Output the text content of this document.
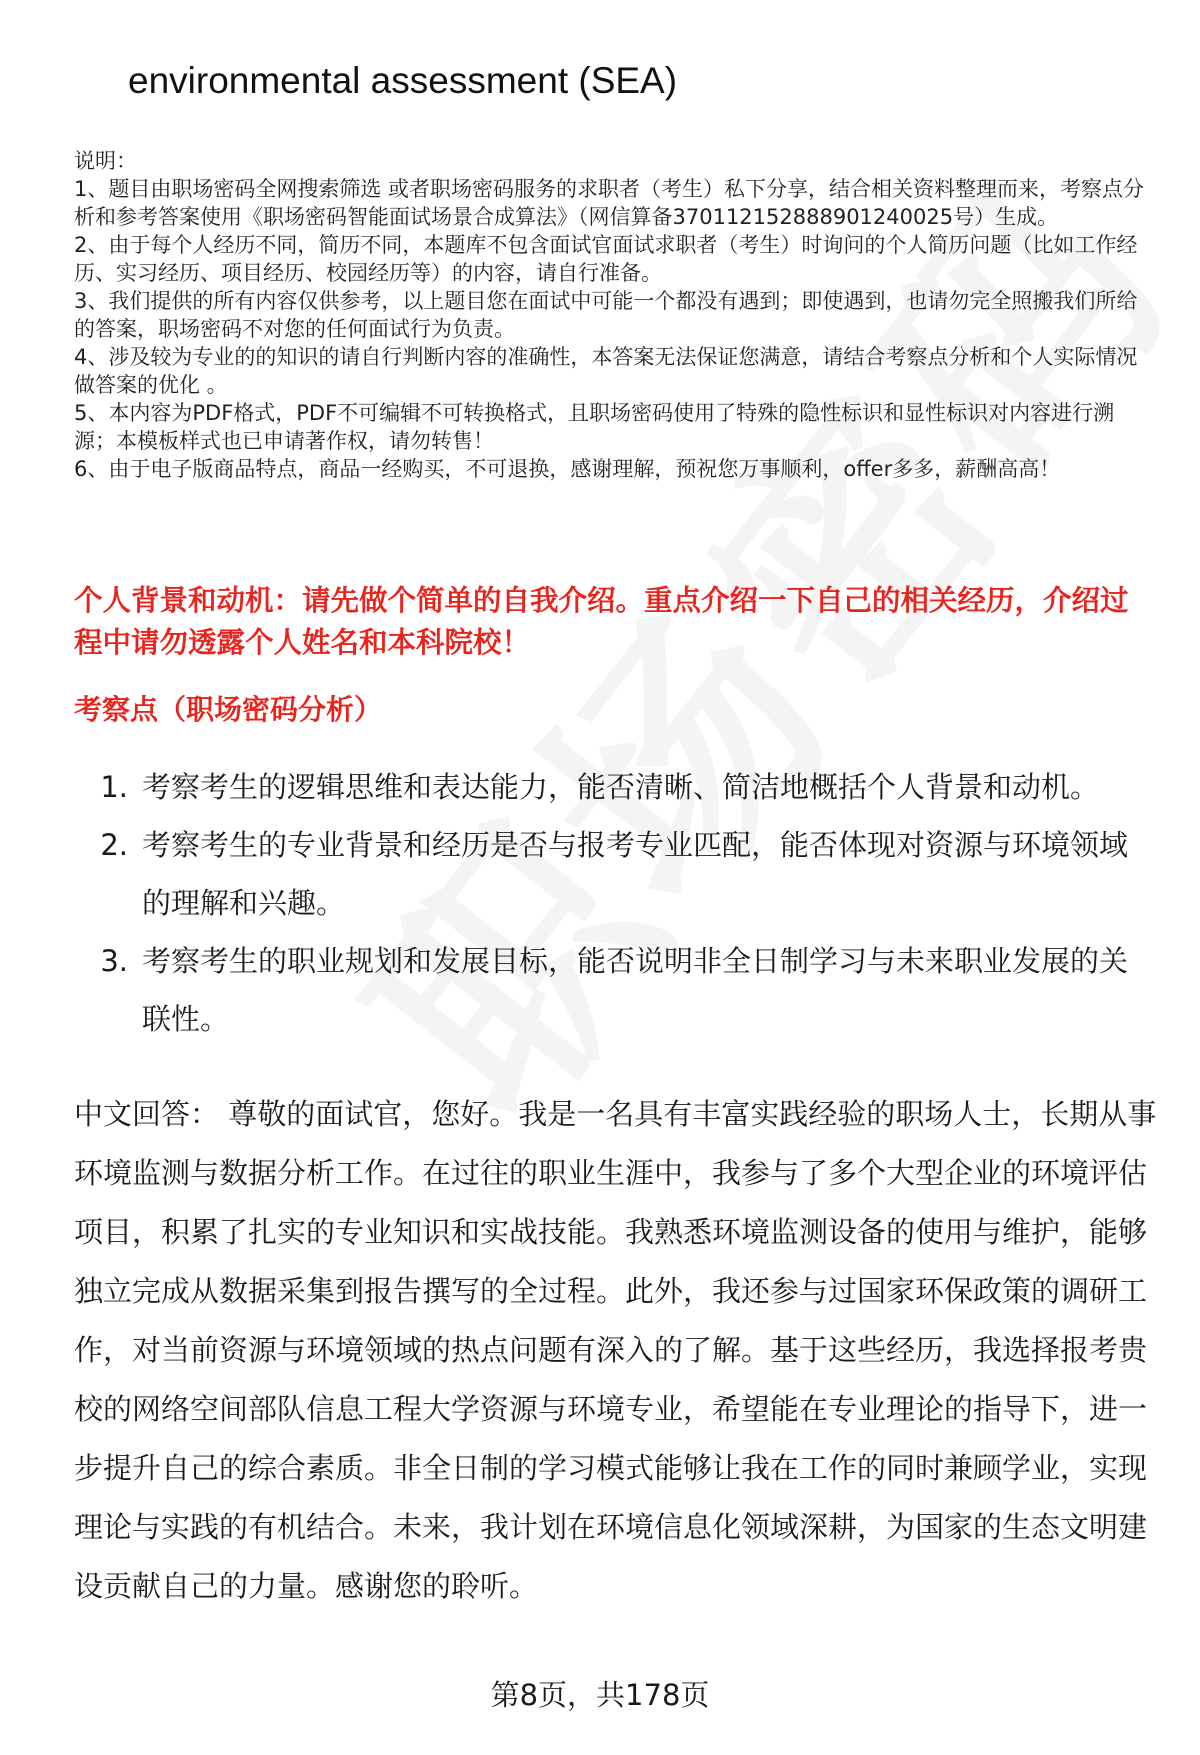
environmental assessment (SEA)

说明：

1、题目由职场密码全网搜索筛选 或者职场密码服务的求职者（考生）私下分享，结合相关资料整理而来，考察点分析和参考答案使用《职场密码智能面试场景合成算法》（网信算备370112152888901240025号）生成。

2、由于每个人经历不同，简历不同，本题库不包含面试官面试求职者（考生）时询问的个人简历问题（比如工作经历、实习经历、项目经历、校园经历等）的内容，请自行准备。

3、我们提供的所有内容仅供参考，以上题目您在面试中可能一个都没有遇到；即使遇到，也请勿完全照搬我们所给的答案，职场密码不对您的任何面试行为负责。

4、涉及较为专业的的知识的请自行判断内容的准确性，本答案无法保证您满意，请结合考察点分析和个人实际情况做答案的优化 。

5、本内容为PDF格式，PDF不可编辑不可转换格式，且职场密码使用了特殊的隐性标识和显性标识对内容进行溯源；本模板样式也已申请著作权，请勿转售！

6、由于电子版商品特点，商品一经购买，不可退换，感谢理解，预祝您万事顺利，offer多多，薪酬高高！

个人背景和动机：请先做个简单的自我介绍。重点介绍一下自己的相关经历，介绍过程中请勿透露个人姓名和本科院校！
考察点（职场密码分析）
1. 考察考生的逻辑思维和表达能力，能否清晰、简洁地概括个人背景和动机。
2. 考察考生的专业背景和经历是否与报考专业匹配，能否体现对资源与环境领域的理解和兴趣。
3. 考察考生的职业规划和发展目标，能否说明非全日制学习与未来职业发展的关联性。

中文回答： 尊敬的面试官，您好。我是一名具有丰富实践经验的职场人士，长期从事环境监测与数据分析工作。在过往的职业生涯中，我参与了多个大型企业的环境评估项目，积累了扎实的专业知识和实战技能。我熟悉环境监测设备的使用与维护，能够独立完成从数据采集到报告撰写的全过程。此外，我还参与过国家环保政策的调研工作，对当前资源与环境领域的热点问题有深入的了解。基于这些经历，我选择报考贵校的网络空间部队信息工程大学资源与环境专业，希望能在专业理论的指导下，进一步提升自己的综合素质。非全日制的学习模式能够让我在工作的同时兼顾学业，实现理论与实践的有机结合。未来，我计划在环境信息化领域深耕，为国家的生态文明建设贡献自己的力量。感谢您的聆听。

第8页，共178页
